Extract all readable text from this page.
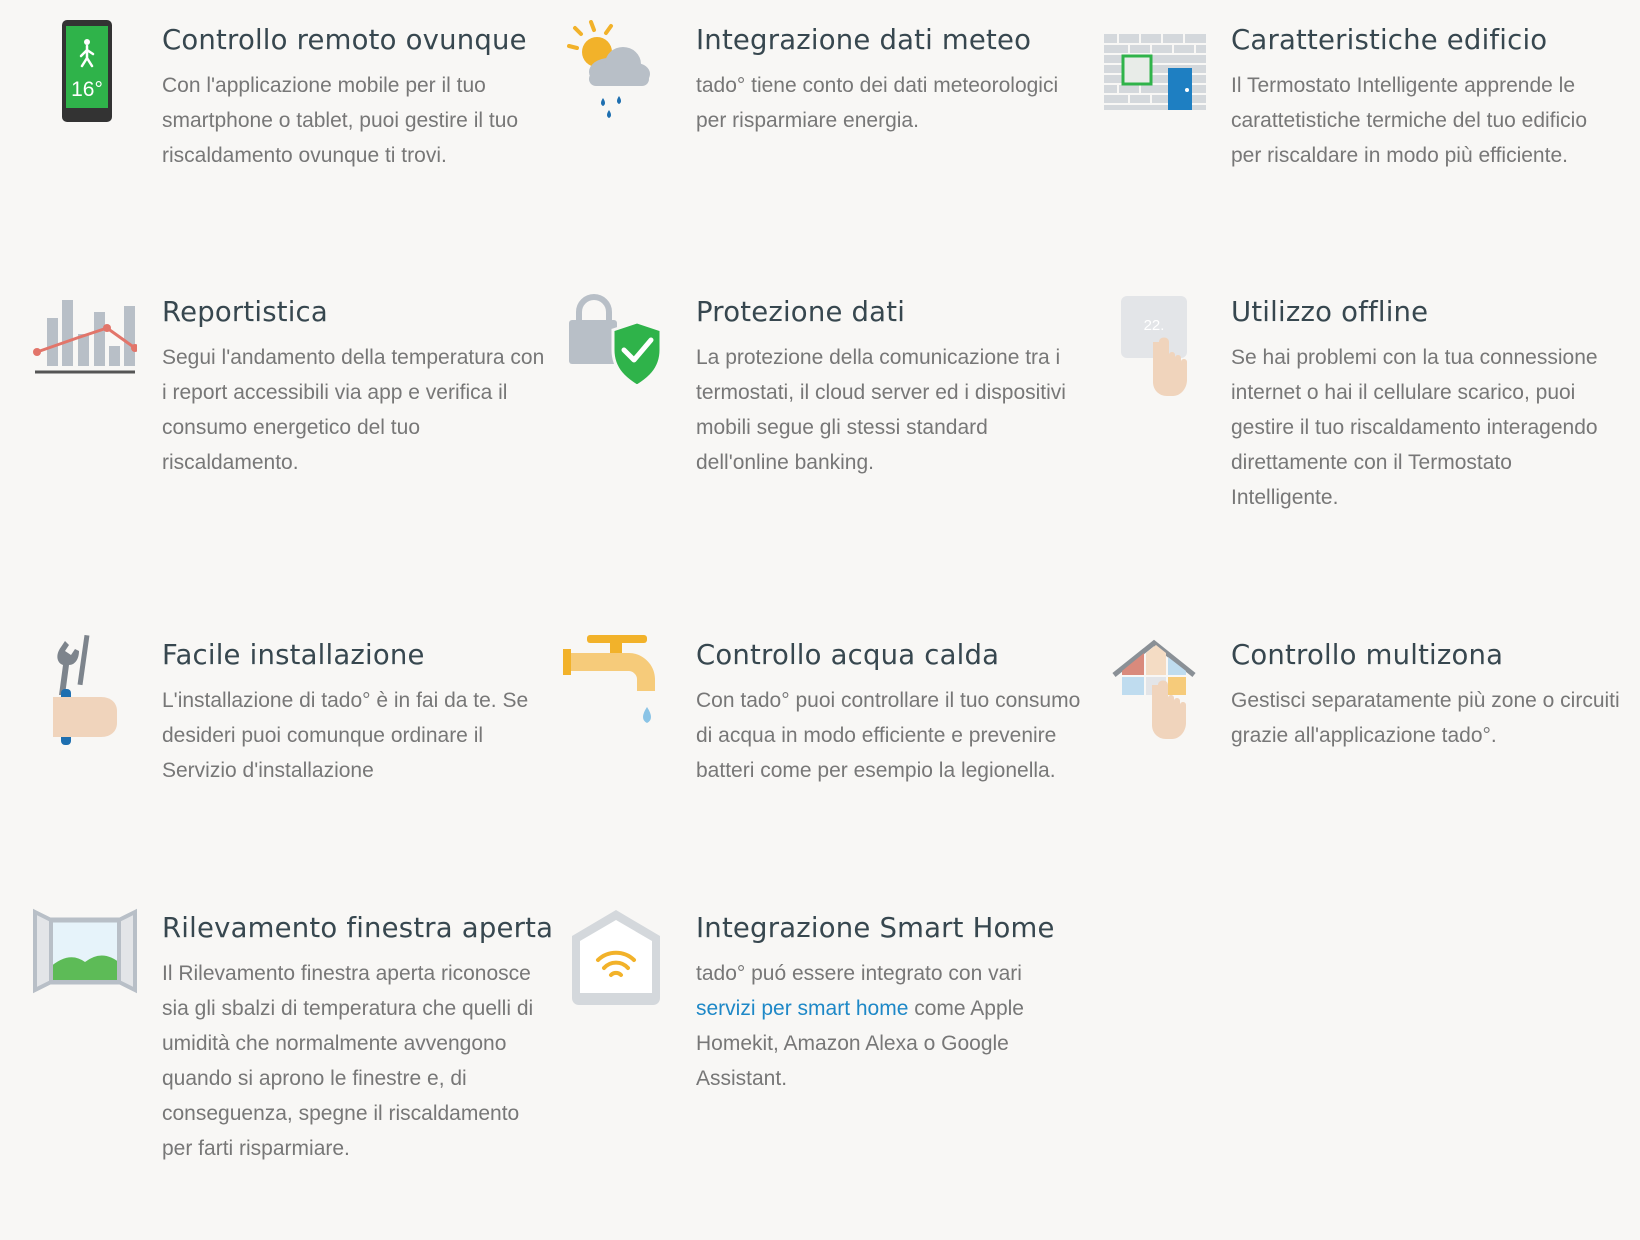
16°
Controllo remoto ovunque

Con l'applicazione mobile per il tuo smartphone o tablet, puoi gestire il tuo riscaldamento ovunque ti trovi.

Integrazione dati meteo

tado° tiene conto dei dati meteorologici per risparmiare energia.

Caratteristiche edificio

Il Termostato Intelligente apprende le carattetistiche termiche del tuo edificio per riscaldare in modo più efficiente.

Reportistica

Segui l'andamento della temperatura con i report accessibili via app e verifica il consumo energetico del tuo riscaldamento.

Protezione dati

La protezione della comunicazione tra i termostati, il cloud server ed i dispositivi mobili segue gli stessi standard dell'online banking.

22. Utilizzo offline

Se hai problemi con la tua connessione internet o hai il cellulare scarico, puoi gestire il tuo riscaldamento interagendo direttamente con il Termostato Intelligente.

Facile installazione

L'installazione di tado° è in fai da te. Se desideri puoi comunque ordinare il Servizio d'installazione

Controllo acqua calda

Con tado° puoi controllare il tuo consumo di acqua in modo efficiente e prevenire batteri come per esempio la legionella.

Controllo multizona

Gestisci separatamente più zone o circuiti grazie all'applicazione tado°.

Rilevamento finestra aperta

Il Rilevamento finestra aperta riconosce sia gli sbalzi di temperatura che quelli di umidità che normalmente avvengono quando si aprono le finestre e, di conseguenza, spegne il riscaldamento per farti risparmiare.

Integrazione Smart Home

tado° puó essere integrato con vari servizi per smart home come Apple Homekit, Amazon Alexa o Google Assistant.
